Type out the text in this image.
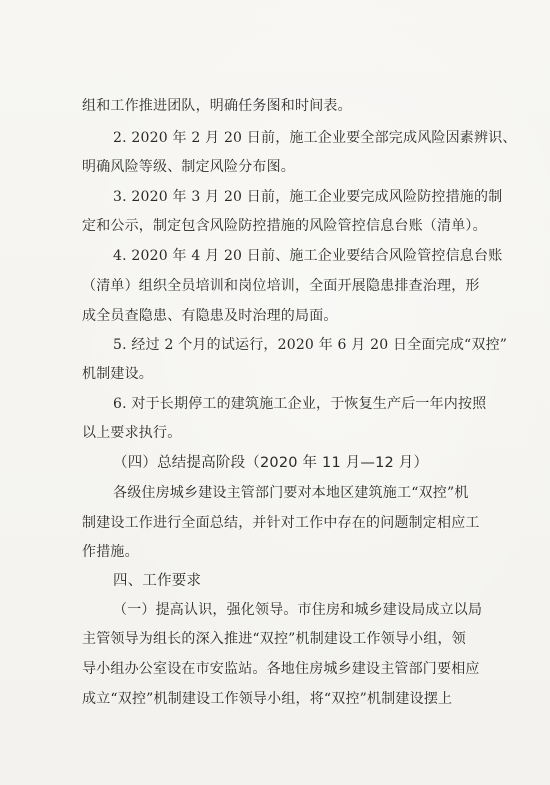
组和工作推进团队，明确任务图和时间表。
2. 2020 年 2 月 20 日前，施工企业要全部完成风险因素辨识、
明确风险等级、制定风险分布图。
3. 2020 年 3 月 20 日前，施工企业要完成风险防控措施的制
定和公示，制定包含风险防控措施的风险管控信息台账（清单）。
4. 2020 年 4 月 20 日前、施工企业要结合风险管控信息台账
（清单）组织全员培训和岗位培训，全面开展隐患排查治理，形
成全员查隐患、有隐患及时治理的局面。
5. 经过 2 个月的试运行，2020 年 6 月 20 日全面完成“双控”
机制建设。
6. 对于长期停工的建筑施工企业，于恢复生产后一年内按照
以上要求执行。
（四）总结提高阶段（2020 年 11 月—12 月）
各级住房城乡建设主管部门要对本地区建筑施工“双控”机
制建设工作进行全面总结，并针对工作中存在的问题制定相应工
作措施。
四、工作要求
（一）提高认识，强化领导。市住房和城乡建设局成立以局
主管领导为组长的深入推进“双控”机制建设工作领导小组，领
导小组办公室设在市安监站。各地住房城乡建设主管部门要相应
成立“双控”机制建设工作领导小组，将“双控”机制建设摆上
